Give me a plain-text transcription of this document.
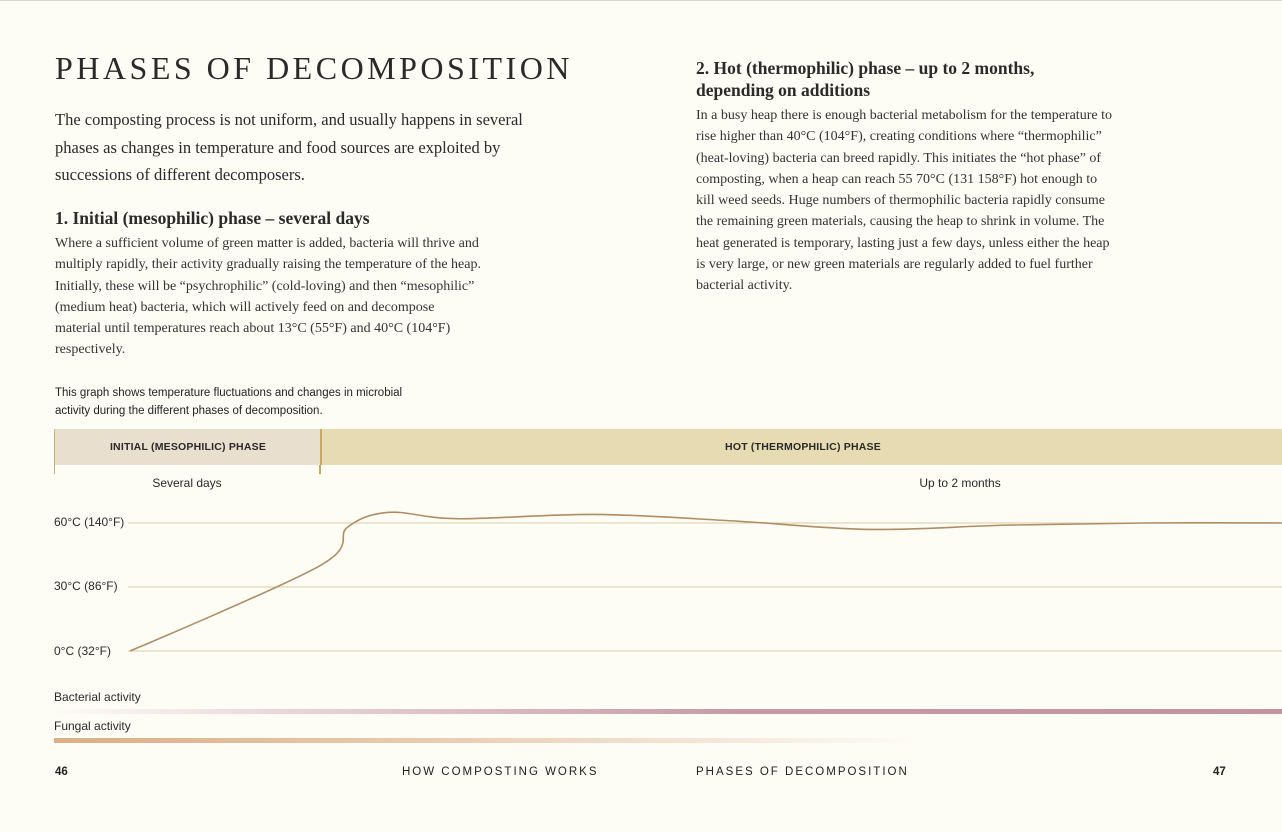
PHASES OF DECOMPOSITION

The composting process is not uniform, and usually happens in several phases as changes in temperature and food sources are exploited by successions of different decomposers.

1. Initial (mesophilic) phase – several days

Where a sufficient volume of green matter is added, bacteria will thrive and multiply rapidly, their activity gradually raising the temperature of the heap. Initially, these will be “psychrophilic” (cold-loving) and then “mesophilic” (medium heat) bacteria, which will actively feed on and decompose material until temperatures reach about 13°C (55°F) and 40°C (104°F) respectively.

2. Hot (thermophilic) phase – up to 2 months, depending on additions

In a busy heap there is enough bacterial metabolism for the temperature to rise higher than 40°C (104°F), creating conditions where “thermophilic” (heat-loving) bacteria can breed rapidly. This initiates the “hot phase” of composting, when a heap can reach 55 70°C (131 158°F) hot enough to kill weed seeds. Huge numbers of thermophilic bacteria rapidly consume the remaining green materials, causing the heap to shrink in volume. The heat generated is temporary, lasting just a few days, unless either the heap is very large, or new green materials are regularly added to fuel further bacterial activity.

This graph shows temperature fluctuations and changes in microbial activity during the different phases of decomposition.

INITIAL (MESOPHILIC) PHASE	HOT (THERMOPHILIC) PHASE
Several days	Up to 2 months
60°C (140°F)
30°C (86°F)
0°C (32°F)
Bacterial activity
Fungal activity
46	HOW COMPOSTING WORKS	PHASES OF DECOMPOSITION	47
